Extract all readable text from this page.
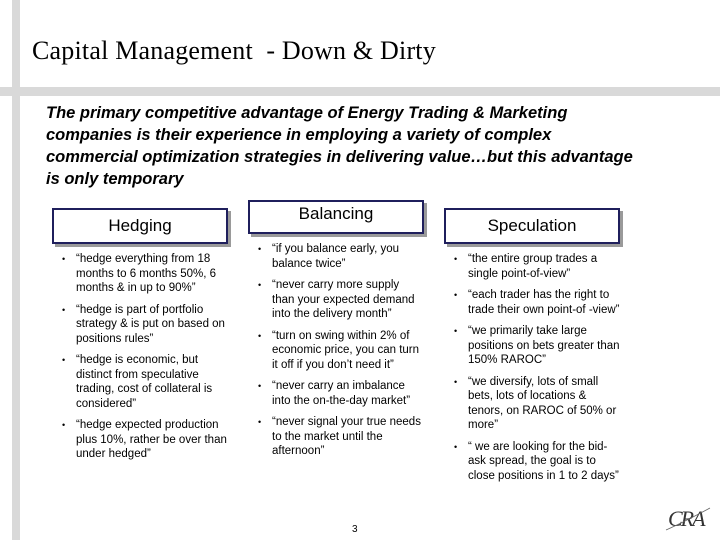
Capital Management  - Down & Dirty

The primary competitive advantage of Energy Trading & Marketing companies is their experience in employing a variety of complex commercial optimization strategies in delivering value…but this advantage is only temporary

Hedging
• “hedge everything from 18 months to 6 months 50%, 6 months & in up to 90%”
• “hedge is part of portfolio strategy & is put on based on positions rules”
• “hedge is economic, but distinct from speculative trading, cost of collateral is considered”
• “hedge expected production plus 10%, rather be over than under hedged”
Balancing
• “if you balance early, you balance twice”
• “never carry more supply than your expected demand into the delivery month”
• “turn on swing within 2% of economic price, you can turn it off if you don’t need it”
• “never carry an imbalance into the on-the-day market”
• “never signal your true needs to the market until the afternoon”
Speculation
• “the entire group trades a single point-of-view”
• “each trader has the right to trade their own point-of -view”
• “we primarily take large positions on bets greater than 150% RAROC”
• “we diversify, lots of small bets, lots of locations & tenors, on RAROC of 50% or more”
• “ we are looking for the bid-ask spread, the goal is to close positions in 1 to 2 days”
3	CRA
